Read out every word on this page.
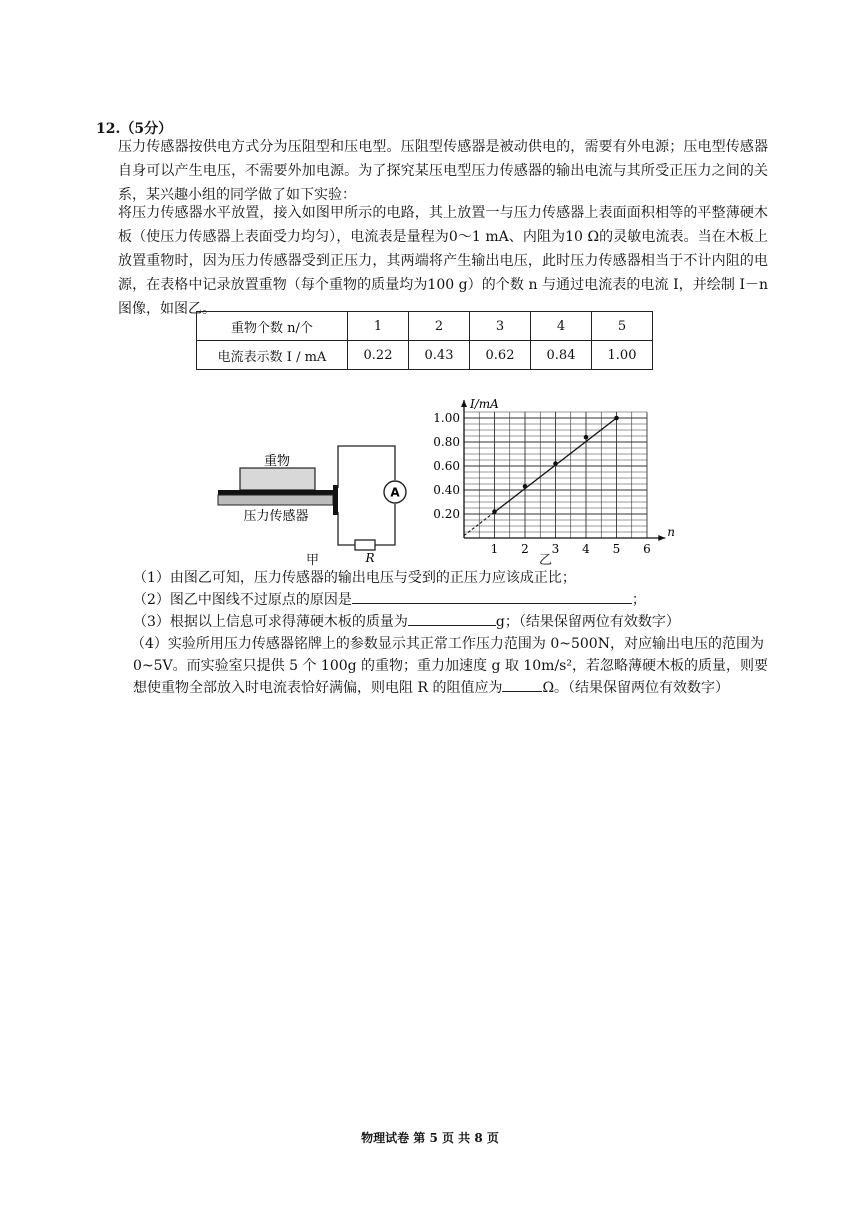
12.（5分）
压力传感器按供电方式分为压阻型和压电型。压阻型传感器是被动供电的，需要有外电源；压电型传感器自身可以产生电压，不需要外加电源。为了探究某压电型压力传感器的输出电流与其所受正压力之间的关系，某兴趣小组的同学做了如下实验：
将压力传感器水平放置，接入如图甲所示的电路，其上放置一与压力传感器上表面面积相等的平整薄硬木板（使压力传感器上表面受力均匀），电流表是量程为0～1 mA、内阻为10 Ω的灵敏电流表。当在木板上放置重物时，因为压力传感器受到正压力，其两端将产生输出电压，此时压力传感器相当于不计内阻的电源，在表格中记录放置重物（每个重物的质量均为100 g）的个数 n 与通过电流表的电流 I，并绘制 I－n 图像，如图乙。
重物个数 n/个	1	2	3	4	5
电流表示数 I / mA	0.22	0.43	0.62	0.84	1.00
重物
压力传感器
A
R
甲
I/mA
n
1 2 3 4 5 6
0.20
0.40
0.60
0.80
1.00
乙
（1）由图乙可知，压力传感器的输出电压与受到的正压力应该成正比；
（2）图乙中图线不过原点的原因是	；
（3）根据以上信息可求得薄硬木板的质量为	g；（结果保留两位有效数字）
（4）实验所用压力传感器铭牌上的参数显示其正常工作压力范围为 0~500N，对应输出电压的范围为 0~5V。而实验室只提供 5 个 100g 的重物；重力加速度 g 取 10m/s²，若忽略薄硬木板的质量，则要想使重物全部放入时电流表恰好满偏，则电阻 R 的阻值应为	Ω。（结果保留两位有效数字）
物理试卷 第 5 页 共 8 页
